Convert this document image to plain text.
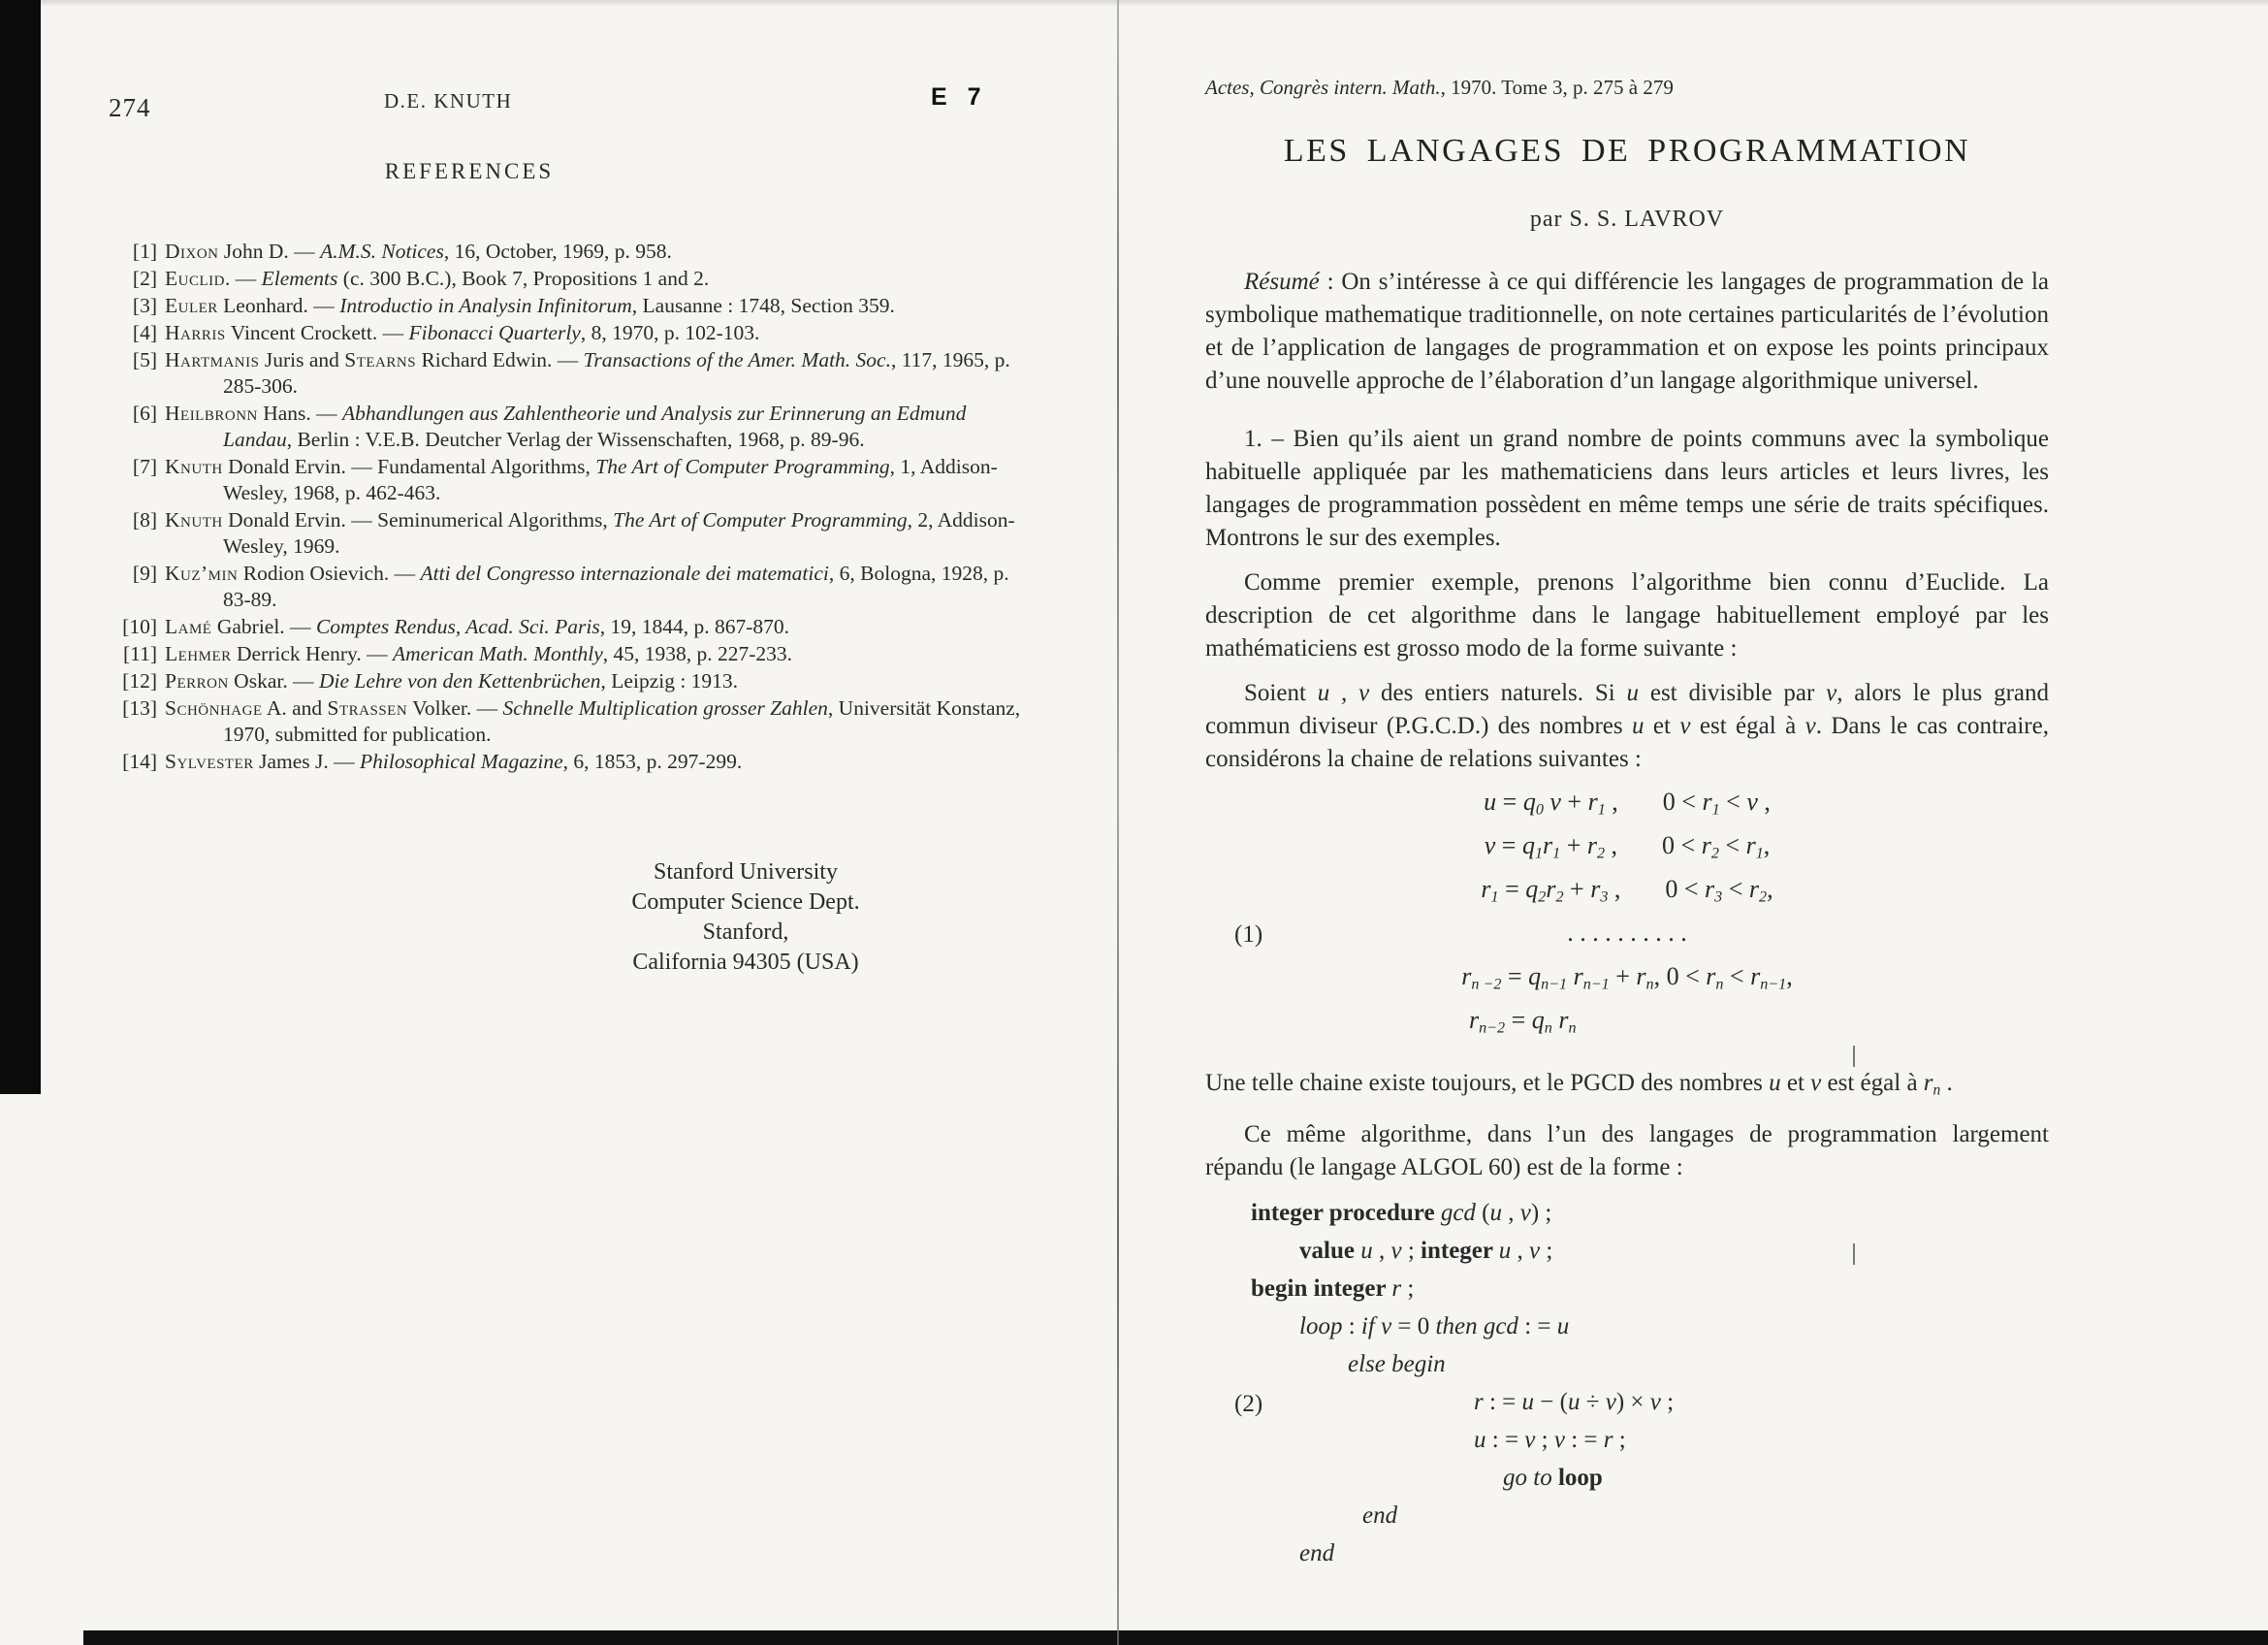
274	D.E. KNUTH	E 7
REFERENCES
[1] Dixon John D. — A.M.S. Notices, 16, October, 1969, p. 958.
[2] Euclid. — Elements (c. 300 B.C.), Book 7, Propositions 1 and 2.
[3] Euler Leonhard. — Introductio in Analysin Infinitorum, Lausanne : 1748, Section 359.
[4] Harris Vincent Crockett. — Fibonacci Quarterly, 8, 1970, p. 102-103.
[5] Hartmanis Juris and Stearns Richard Edwin. — Transactions of the Amer. Math. Soc., 117, 1965, p. 285-306.
[6] Heilbronn Hans. — Abhandlungen aus Zahlentheorie und Analysis zur Erinnerung an Edmund Landau, Berlin : V.E.B. Deutcher Verlag der Wissenschaften, 1968, p. 89-96.
[7] Knuth Donald Ervin. — Fundamental Algorithms, The Art of Computer Programming, 1, Addison-Wesley, 1968, p. 462-463.
[8] Knuth Donald Ervin. — Seminumerical Algorithms, The Art of Computer Programming, 2, Addison-Wesley, 1969.
[9] Kuz’min Rodion Osievich. — Atti del Congresso internazionale dei matematici, 6, Bologna, 1928, p. 83-89.
[10] Lamé Gabriel. — Comptes Rendus, Acad. Sci. Paris, 19, 1844, p. 867-870.
[11] Lehmer Derrick Henry. — American Math. Monthly, 45, 1938, p. 227-233.
[12] Perron Oskar. — Die Lehre von den Kettenbrüchen, Leipzig : 1913.
[13] Schönhage A. and Strassen Volker. — Schnelle Multiplication grosser Zahlen, Universität Konstanz, 1970, submitted for publication.
[14] Sylvester James J. — Philosophical Magazine, 6, 1853, p. 297-299.
Stanford University
Computer Science Dept.
Stanford,
California 94305 (USA)
Actes, Congrès intern. Math., 1970. Tome 3, p. 275 à 279
LES LANGAGES DE PROGRAMMATION
par S. S. LAVROV

Résumé : On s’intéresse à ce qui différencie les langages de programmation de la symbolique mathematique traditionnelle, on note certaines particularités de l’évolution et de l’application de langages de programmation et on expose les points principaux d’une nouvelle approche de l’élaboration d’un langage algorithmique universel.

1. – Bien qu’ils aient un grand nombre de points communs avec la symbolique habituelle appliquée par les mathematiciens dans leurs articles et leurs livres, les langages de programmation possèdent en même temps une série de traits spécifiques. Montrons le sur des exemples.

Comme premier exemple, prenons l’algorithme bien connu d’Euclide. La description de cet algorithme dans le langage habituellement employé par les mathématiciens est grosso modo de la forme suivante :

Soient u , v des entiers naturels. Si u est divisible par v, alors le plus grand commun diviseur (P.G.C.D.) des nombres u et v est égal à v. Dans le cas contraire, considérons la chaine de relations suivantes :

(1)
u = q0 v + r1 , 0 < r1 < v ,
v = q1r1 + r2 , 0 < r2 < r1,
r1 = q2r2 + r3 , 0 < r3 < r2,
. . . . . . . . . .
rn −2 = qn−1 rn−1 + rn, 0 < rn < rn−1,
rn−2 = qn rn

Une telle chaine existe toujours, et le PGCD des nombres u et v est égal à rn .

Ce même algorithme, dans l’un des langages de programmation largement répandu (le langage ALGOL 60) est de la forme :

(2)
integer procedure gcd (u , v) ;
value u , v ; integer u , v ;
begin integer r ;
loop : if v = 0 then gcd : = u
else begin
r : = u − (u ÷ v) × v ;
u : = v ; v : = r ;
go to loop
end
end
